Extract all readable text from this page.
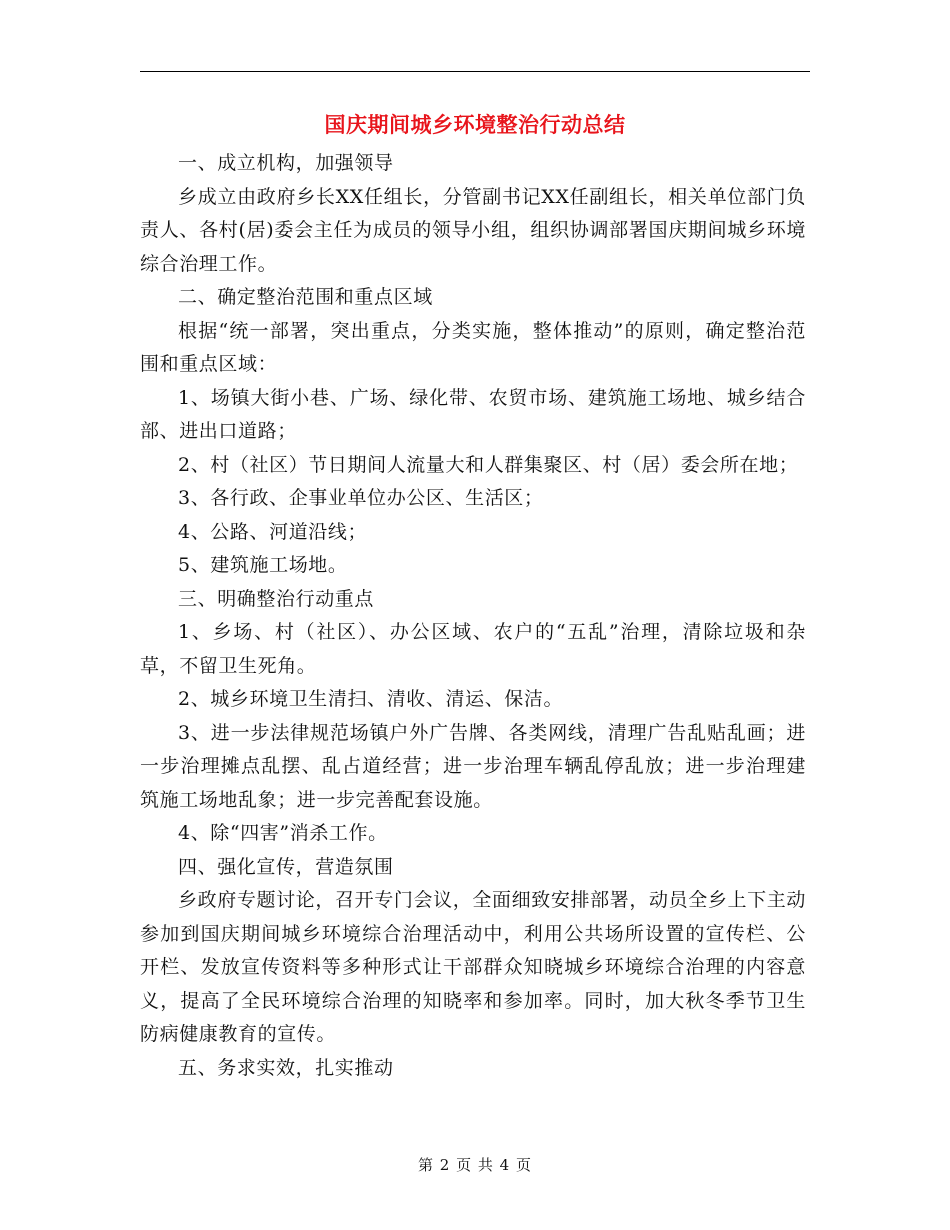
国庆期间城乡环境整治行动总结

一、成立机构，加强领导

乡成立由政府乡长XX任组长，分管副书记XX任副组长，相关单位部门负责人、各村(居)委会主任为成员的领导小组，组织协调部署国庆期间城乡环境综合治理工作。

二、确定整治范围和重点区域

根据“统一部署，突出重点，分类实施，整体推动”的原则，确定整治范围和重点区域：

1、场镇大街小巷、广场、绿化带、农贸市场、建筑施工场地、城乡结合部、进出口道路；

2、村（社区）节日期间人流量大和人群集聚区、村（居）委会所在地；

3、各行政、企事业单位办公区、生活区；

4、公路、河道沿线；

5、建筑施工场地。

三、明确整治行动重点

1、乡场、村（社区）、办公区域、农户的“五乱”治理，清除垃圾和杂草，不留卫生死角。

2、城乡环境卫生清扫、清收、清运、保洁。

3、进一步法律规范场镇户外广告牌、各类网线，清理广告乱贴乱画；进一步治理摊点乱摆、乱占道经营；进一步治理车辆乱停乱放；进一步治理建筑施工场地乱象；进一步完善配套设施。

4、除“四害”消杀工作。

四、强化宣传，营造氛围

乡政府专题讨论，召开专门会议，全面细致安排部署，动员全乡上下主动参加到国庆期间城乡环境综合治理活动中，利用公共场所设置的宣传栏、公开栏、发放宣传资料等多种形式让干部群众知晓城乡环境综合治理的内容意义，提高了全民环境综合治理的知晓率和参加率。同时，加大秋冬季节卫生防病健康教育的宣传。

五、务求实效，扎实推动

第 2 页 共 4 页
